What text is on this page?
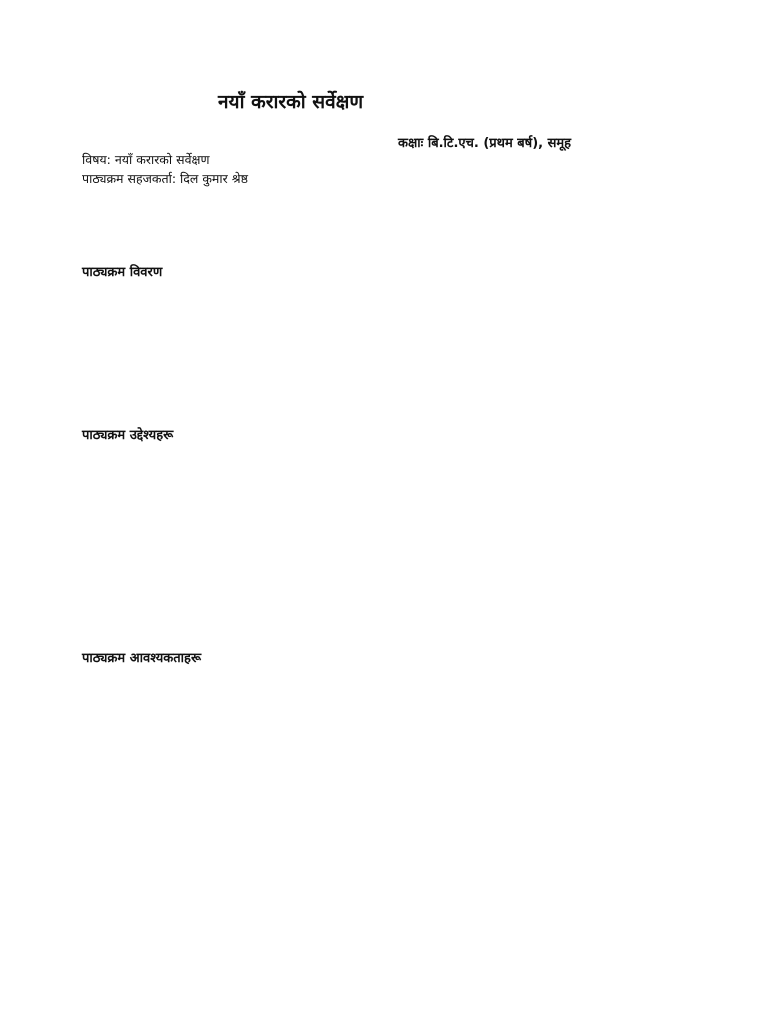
नयाँ करारको सर्वेक्षण
कक्षाः बि.टि.एच. (प्रथम बर्ष), समूह
विषय: नयाँ करारको सर्वेक्षण
पाठ्यक्रम सहजकर्ता: दिल कुमार श्रेष्ठ
पाठ्यक्रम विवरण

पाठ्यक्रम उद्देश्यहरू

पाठ्यक्रम आवश्यकताहरू
